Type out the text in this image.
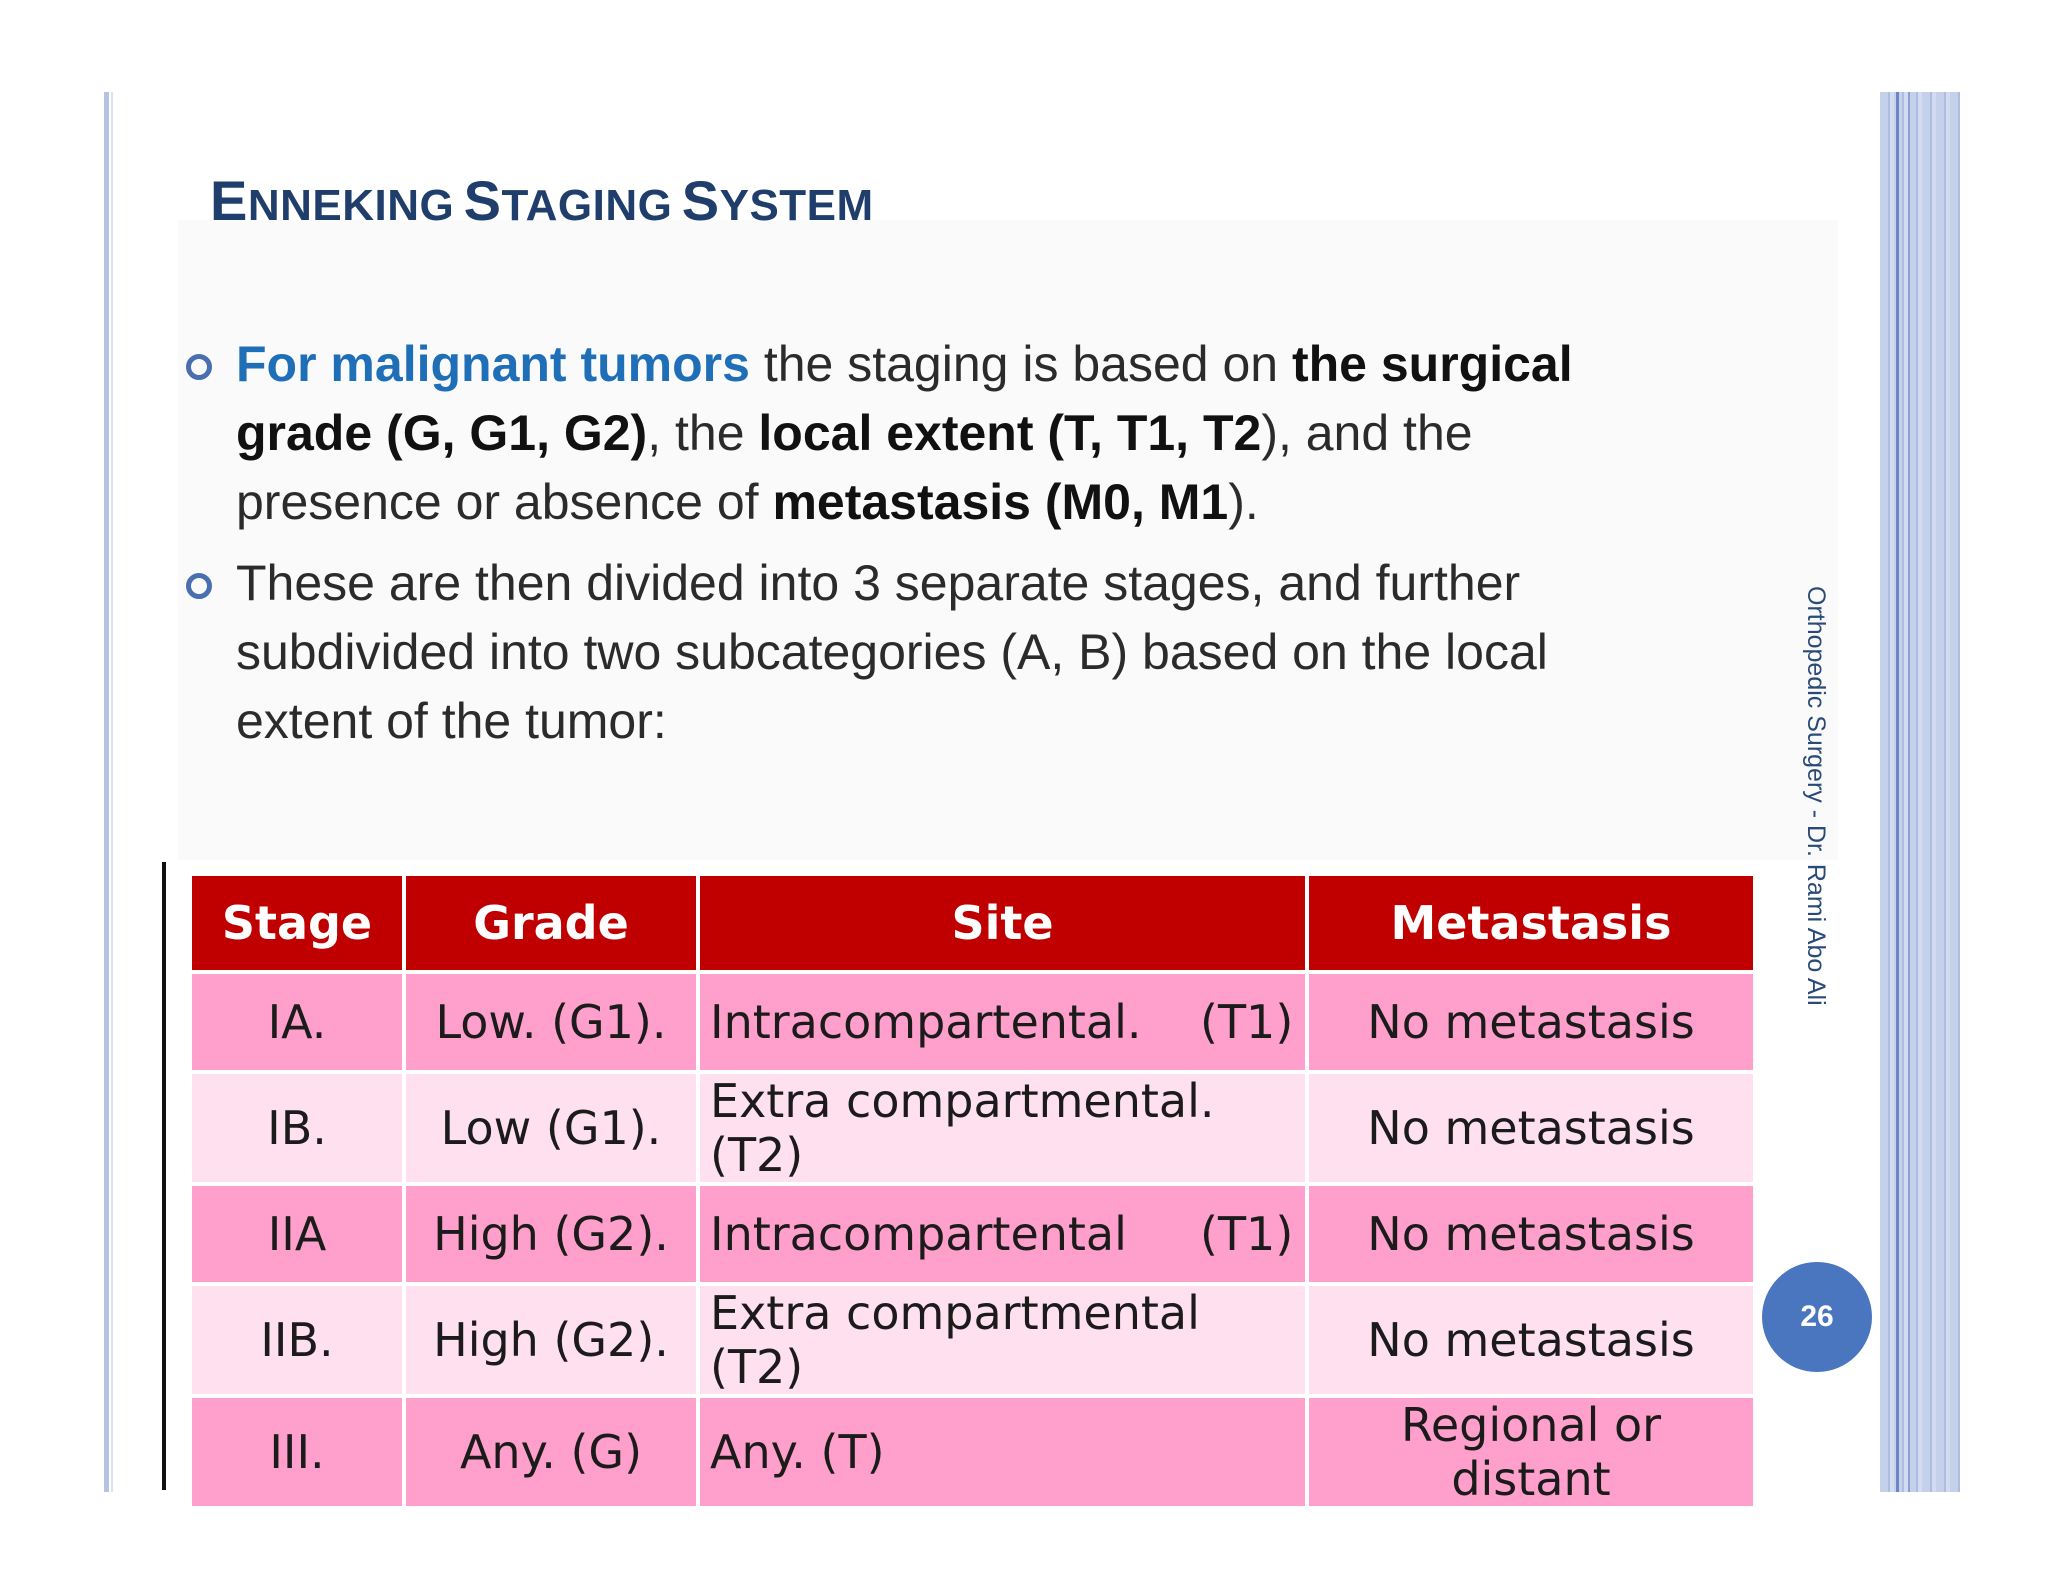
ENNEKING STAGING SYSTEM
For malignant tumors the staging is based on the surgical grade (G, G1, G2), the local extent (T, T1, T2), and the presence or absence of metastasis (M0, M1).
These are then divided into 3 separate stages, and further subdivided into two subcategories (A, B) based on the local extent of the tumor:	Orthopedic Surgery - Dr. Rami Abo Ali
26
Stage	Grade	Site	Metastasis
IA.	Low. (G1).	Intracompartental.    (T1)	No metastasis
IB.	Low (G1).	Extra compartmental. (T2)	No metastasis
IIA	High (G2).	Intracompartental     (T1)	No metastasis
IIB.	High (G2).	Extra compartmental (T2)	No metastasis
III.	Any. (G)	Any. (T)	Regional or distant
